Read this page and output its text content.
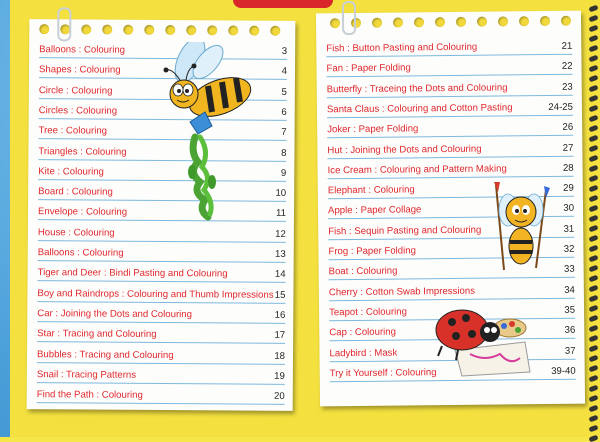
Balloons : Colouring	3
Shapes : Colouring	4
Circle : Colouring	5
Circles : Colouring	6
Tree : Colouring	7
Triangles : Colouring	8
Kite : Colouring	9
Board : Colouring	10
Envelope : Colouring	11
House : Colouring	12
Balloons : Colouring	13
Tiger and Deer : Bindi Pasting and Colouring	14
Boy and Raindrops : Colouring and Thumb Impressions 15
Car : Joining the Dots and Colouring	16
Star : Tracing and Colouring	17
Bubbles : Tracing and Colouring	18
Snail : Tracing Patterns	19
Find the Path : Colouring	20
Fish : Button Pasting and Colouring	21
Fan : Paper Folding	22
Butterfly : Traceing the Dots and Colouring	23
Santa Claus : Colouring and Cotton Pasting	24-25
Joker : Paper Folding	26
Hut : Joining the Dots and Colouring	27
Ice Cream : Colouring and Pattern Making	28
Elephant : Colouring	29
Apple : Paper Collage	30
Fish : Sequin Pasting and Colouring	31
Frog : Paper Folding	32
Boat : Colouring	33
Cherry : Cotton Swab Impressions	34
Teapot : Colouring	35
Cap : Colouring	36
Ladybird : Mask	37
Try it Yourself : Colouring	39-40
